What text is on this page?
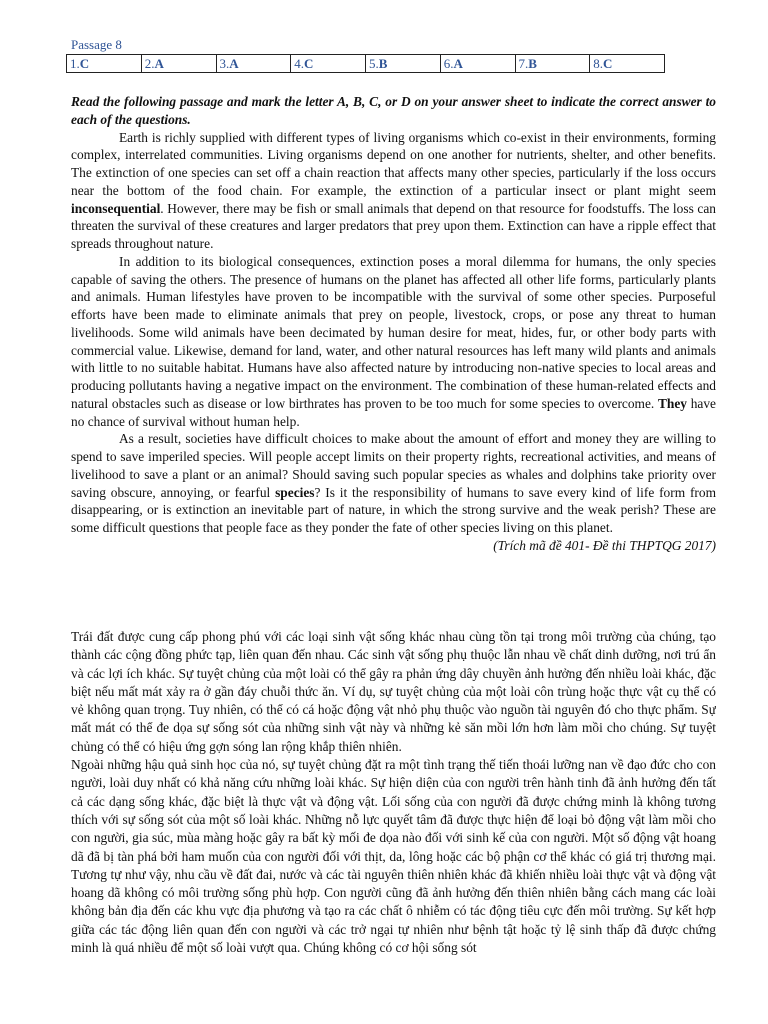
Passage 8
1.C	2.A	3.A	4.C	5.B	6.A	7.B	8.C

Read the following passage and mark the letter A, B, C, or D on your answer sheet to indicate the correct answer to each of the questions.

Earth is richly supplied with different types of living organisms which co-exist in their environments, forming complex, interrelated communities. Living organisms depend on one another for nutrients, shelter, and other benefits. The extinction of one species can set off a chain reaction that affects many other species, particularly if the loss occurs near the bottom of the food chain. For example, the extinction of a particular insect or plant might seem inconsequential. However, there may be fish or small animals that depend on that resource for foodstuffs. The loss can threaten the survival of these creatures and larger predators that prey upon them. Extinction can have a ripple effect that spreads throughout nature.

In addition to its biological consequences, extinction poses a moral dilemma for humans, the only species capable of saving the others. The presence of humans on the planet has affected all other life forms, particularly plants and animals. Human lifestyles have proven to be incompatible with the survival of some other species. Purposeful efforts have been made to eliminate animals that prey on people, livestock, crops, or pose any threat to human livelihoods. Some wild animals have been decimated by human desire for meat, hides, fur, or other body parts with commercial value. Likewise, demand for land, water, and other natural resources has left many wild plants and animals with little to no suitable habitat. Humans have also affected nature by introducing non-native species to local areas and producing pollutants having a negative impact on the environment. The combination of these human-related effects and natural obstacles such as disease or low birthrates has proven to be too much for some species to overcome. They have no chance of survival without human help.

As a result, societies have difficult choices to make about the amount of effort and money they are willing to spend to save imperiled species. Will people accept limits on their property rights, recreational activities, and means of livelihood to save a plant or an animal? Should saving such popular species as whales and dolphins take priority over saving obscure, annoying, or fearful species? Is it the responsibility of humans to save every kind of life form from disappearing, or is extinction an inevitable part of nature, in which the strong survive and the weak perish? These are some difficult questions that people face as they ponder the fate of other species living on this planet.

(Trích mã đề 401- Đề thi THPTQG 2017)

Trái đất được cung cấp phong phú với các loại sinh vật sống khác nhau cùng tồn tại trong môi trường của chúng, tạo thành các cộng đồng phức tạp, liên quan đến nhau. Các sinh vật sống phụ thuộc lẫn nhau về chất dinh dưỡng, nơi trú ẩn và các lợi ích khác. Sự tuyệt chủng của một loài có thể gây ra phản ứng dây chuyền ảnh hưởng đến nhiều loài khác, đặc biệt nếu mất mát xảy ra ở gần đáy chuỗi thức ăn. Ví dụ, sự tuyệt chủng của một loài côn trùng hoặc thực vật cụ thể có vẻ không quan trọng. Tuy nhiên, có thể có cá hoặc động vật nhỏ phụ thuộc vào nguồn tài nguyên đó cho thực phẩm. Sự mất mát có thể đe dọa sự sống sót của những sinh vật này và những kẻ săn mồi lớn hơn làm mồi cho chúng. Sự tuyệt chủng có thể có hiệu ứng gợn sóng lan rộng khắp thiên nhiên.

Ngoài những hậu quả sinh học của nó, sự tuyệt chủng đặt ra một tình trạng thế tiến thoái lưỡng nan về đạo đức cho con người, loài duy nhất có khả năng cứu những loài khác. Sự hiện diện của con người trên hành tinh đã ảnh hưởng đến tất cả các dạng sống khác, đặc biệt là thực vật và động vật. Lối sống của con người đã được chứng minh là không tương thích với sự sống sót của một số loài khác. Những nỗ lực quyết tâm đã được thực hiện để loại bỏ động vật làm mồi cho con người, gia súc, mùa màng hoặc gây ra bất kỳ mối đe dọa nào đối với sinh kế của con người. Một số động vật hoang dã đã bị tàn phá bởi ham muốn của con người đối với thịt, da, lông hoặc các bộ phận cơ thể khác có giá trị thương mại. Tương tự như vậy, nhu cầu về đất đai, nước và các tài nguyên thiên nhiên khác đã khiến nhiều loài thực vật và động vật hoang dã không có môi trường sống phù hợp. Con người cũng đã ảnh hưởng đến thiên nhiên bằng cách mang các loài không bản địa đến các khu vực địa phương và tạo ra các chất ô nhiễm có tác động tiêu cực đến môi trường. Sự kết hợp giữa các tác động liên quan đến con người và các trở ngại tự nhiên như bệnh tật hoặc tỷ lệ sinh thấp đã được chứng minh là quá nhiều để một số loài vượt qua. Chúng không có cơ hội sống sót
